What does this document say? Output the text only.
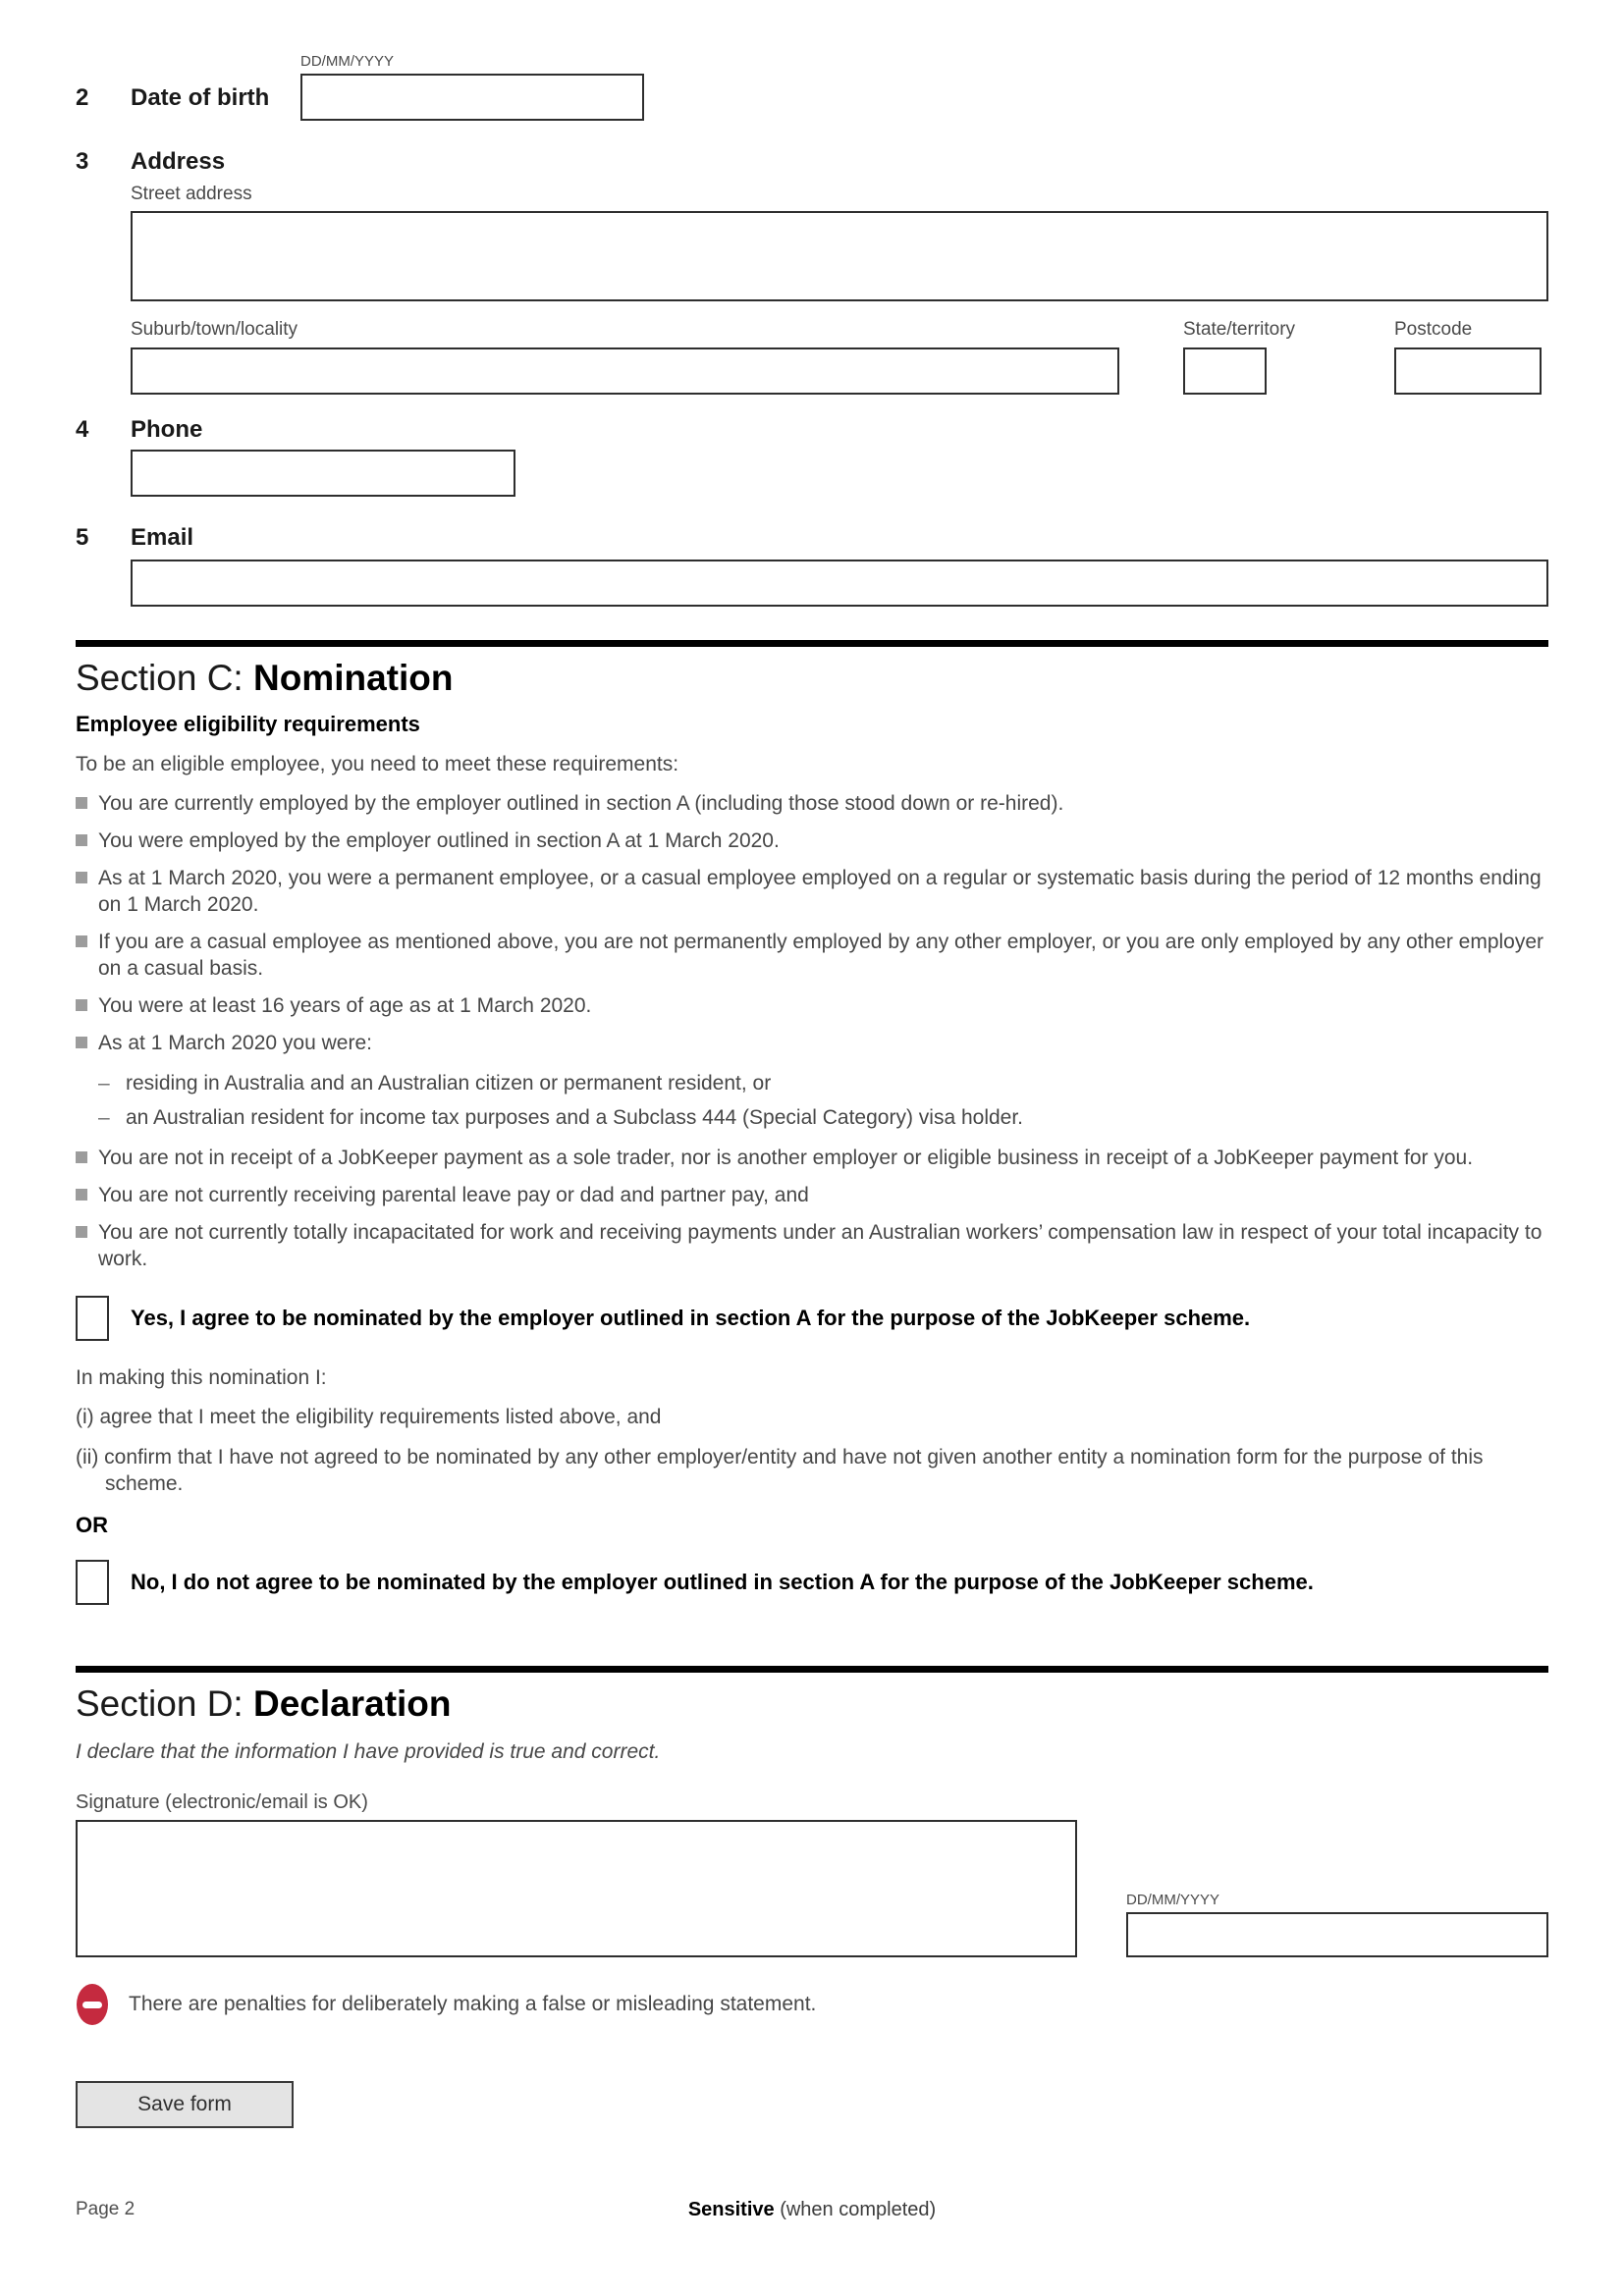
2	Date of birth
DD/MM/YYYY
3	Address
Street address
Suburb/town/locality	State/territory	Postcode
4	Phone
5	Email
Section C: Nomination
Employee eligibility requirements
To be an eligible employee, you need to meet these requirements:
You are currently employed by the employer outlined in section A (including those stood down or re-hired).
You were employed by the employer outlined in section A at 1 March 2020.
As at 1 March 2020, you were a permanent employee, or a casual employee employed on a regular or systematic basis during the period of 12 months ending on 1 March 2020.
If you are a casual employee as mentioned above, you are not permanently employed by any other employer, or you are only employed by any other employer on a casual basis.
You were at least 16 years of age as at 1 March 2020.
As at 1 March 2020 you were:
– residing in Australia and an Australian citizen or permanent resident, or
– an Australian resident for income tax purposes and a Subclass 444 (Special Category) visa holder.
You are not in receipt of a JobKeeper payment as a sole trader, nor is another employer or eligible business in receipt of a JobKeeper payment for you.
You are not currently receiving parental leave pay or dad and partner pay, and
You are not currently totally incapacitated for work and receiving payments under an Australian workers’ compensation law in respect of your total incapacity to work.
Yes, I agree to be nominated by the employer outlined in section A for the purpose of the JobKeeper scheme.
In making this nomination I:
(i) agree that I meet the eligibility requirements listed above, and
(ii) confirm that I have not agreed to be nominated by any other employer/entity and have not given another entity a nomination form for the purpose of this scheme.
OR
No, I do not agree to be nominated by the employer outlined in section A for the purpose of the JobKeeper scheme.
Section D: Declaration
I declare that the information I have provided is true and correct.
Signature (electronic/email is OK)
DD/MM/YYYY
There are penalties for deliberately making a false or misleading statement.
Save form
Page 2	Sensitive (when completed)
